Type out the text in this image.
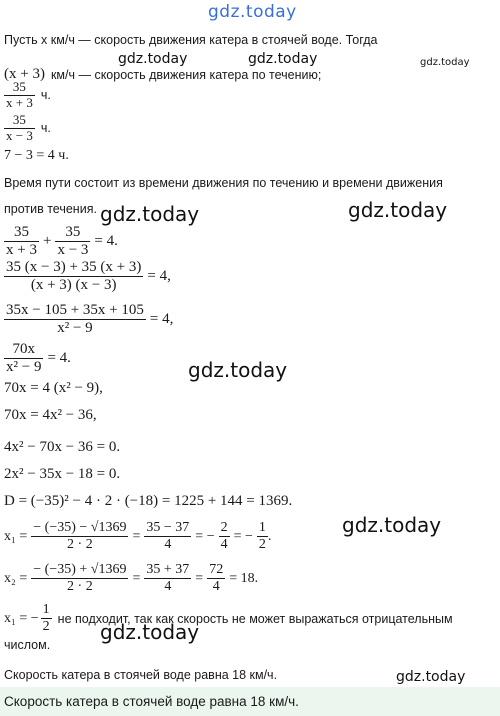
gdz.today
gdz.today	gdz.today	gdz.today
gdz.today	gdz.today
gdz.today
gdz.today
gdz.today
gdz.today
Пусть x км/ч — скорость движения катера в стоячей воде. Тогда
(x + 3) км/ч — скорость движения катера по течению;
$\frac{35}{x + 3} ч$.
$\frac{35}{x - 3} ч$.
7 − 3 = 4 ч.
Время пути состоит из времени движения по течению и времени движения
против течения.
$\frac{35}{x + 3} + \frac{35}{x - 3} = 4$.
$\frac{35 (x - 3) + 35 (x + 3)}{(x + 3) (x - 3)} = 4$,
$\frac{35x - 105 + 35x + 105}{\text{x² − 9}} = 4$,
$\frac{70x}{\text{x² − 9}} = 4$.
70x = 4 (x² − 9),
70x = 4x² − 36,
4x² − 70x − 36 = 0.
2x² − 35x − 18 = 0.
D = (−35)² − 4 · 2 · (−18) = 1225 + 144 = 1369.
$x_1 = \frac{- (-35) - √1369}{2 \cdot 2} = \frac{35 - 37}{4}$ = − $\frac{2}{4}$ = − $\frac{1}{2}$ .
$x_2 = \frac{- (-35) + √1369}{2 \cdot 2} = \frac{35 + 37}{4} = \frac{72}{4} = 18$.
x₁ = − $\frac{1}{2}$ не подходит, так как скорость не может выражаться отрицательным
числом.
Скорость катера в стоячей воде равна 18 км/ч.
Скорость катера в стоячей воде равна 18 км/ч.
